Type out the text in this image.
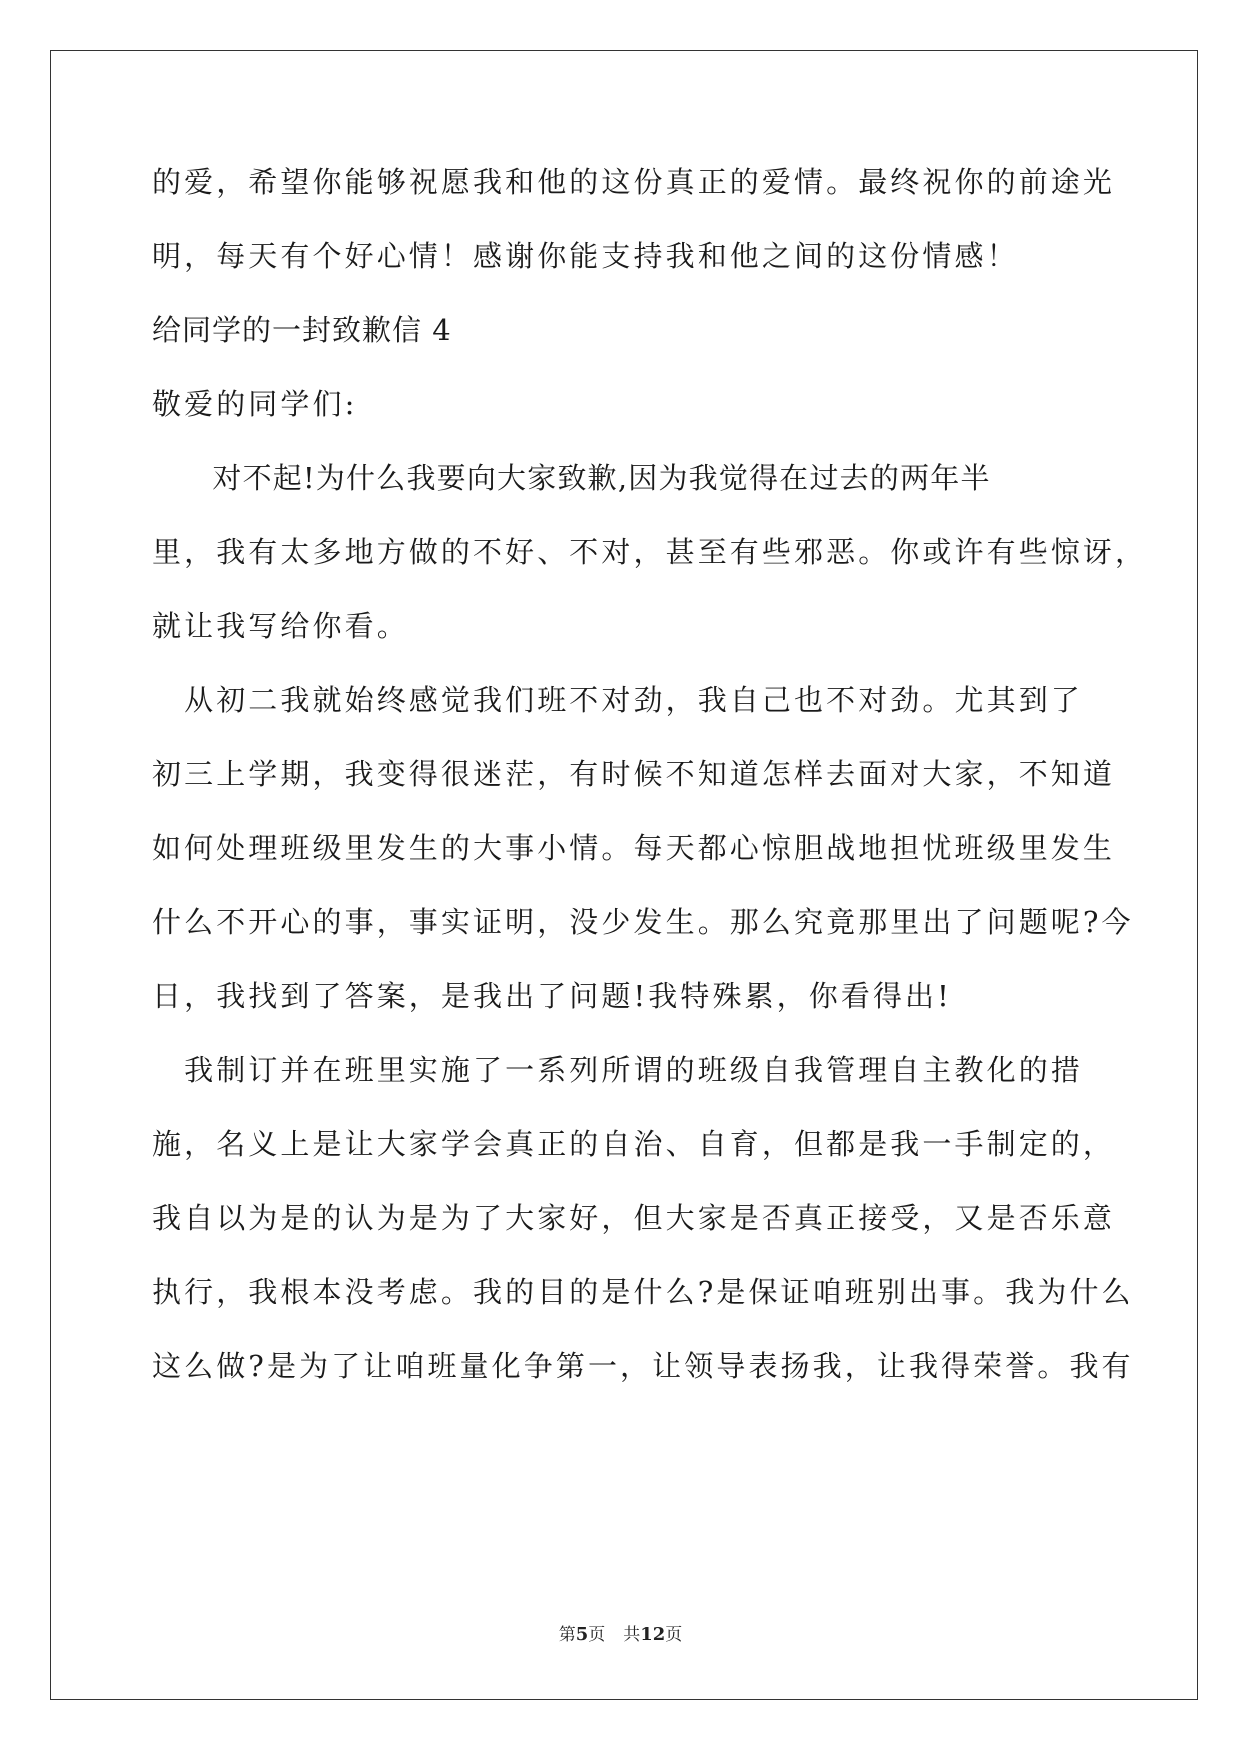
的爱，希望你能够祝愿我和他的这份真正的爱情。最终祝你的前途光
明，每天有个好心情！感谢你能支持我和他之间的这份情感！
给同学的一封致歉信 4
敬爱的同学们:
　　对不起!为什么我要向大家致歉,因为我觉得在过去的两年半
里，我有太多地方做的不好、不对，甚至有些邪恶。你或许有些惊讶，
就让我写给你看。
　从初二我就始终感觉我们班不对劲，我自己也不对劲。尤其到了
初三上学期，我变得很迷茫，有时候不知道怎样去面对大家，不知道
如何处理班级里发生的大事小情。每天都心惊胆战地担忧班级里发生
什么不开心的事，事实证明，没少发生。那么究竟那里出了问题呢?今
日，我找到了答案，是我出了问题!我特殊累，你看得出!
　我制订并在班里实施了一系列所谓的班级自我管理自主教化的措
施，名义上是让大家学会真正的自治、自育，但都是我一手制定的，
我自以为是的认为是为了大家好，但大家是否真正接受，又是否乐意
执行，我根本没考虑。我的目的是什么?是保证咱班别出事。我为什么
这么做?是为了让咱班量化争第一，让领导表扬我，让我得荣誉。我有
第5页 共12页
